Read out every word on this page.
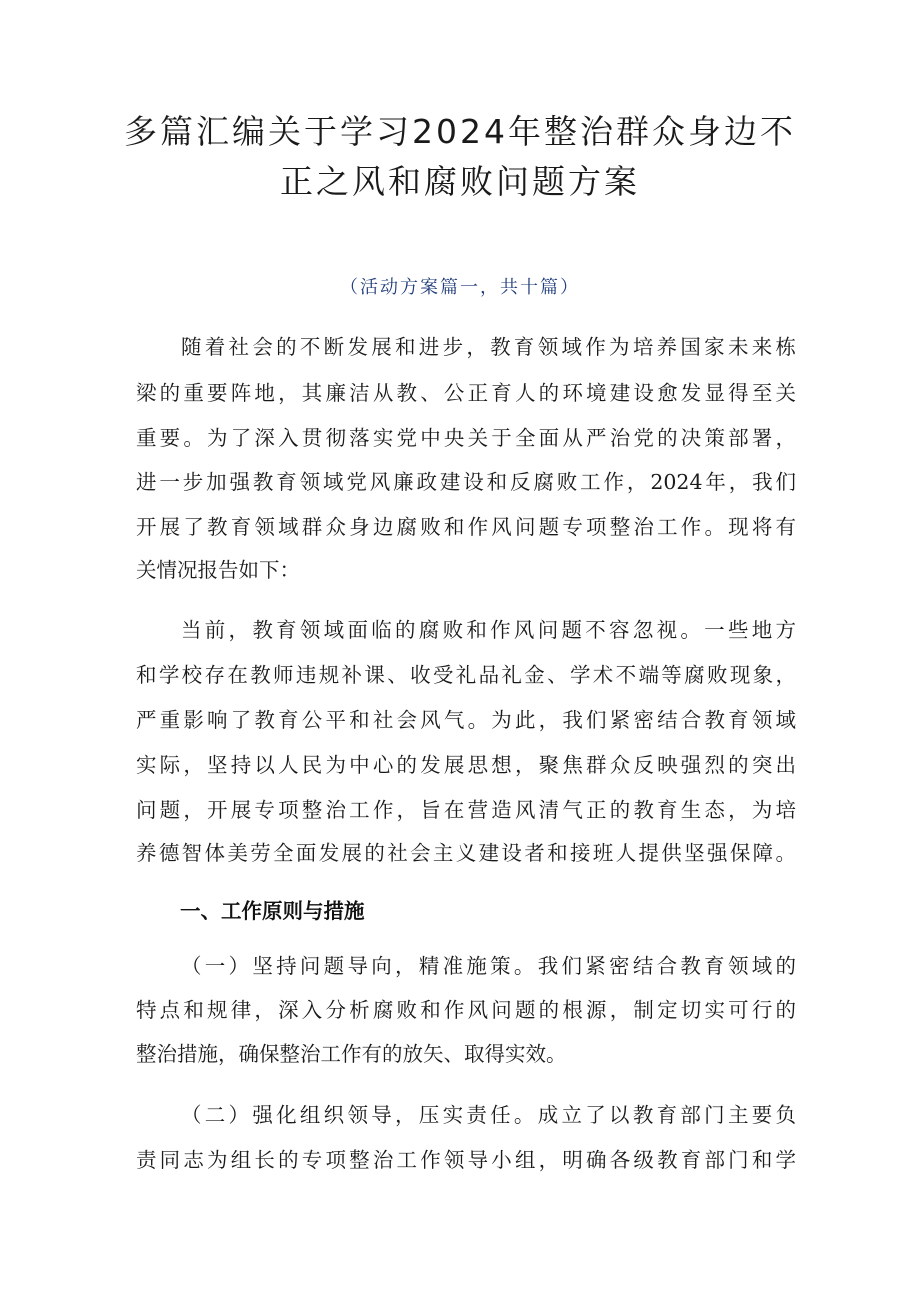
多篇汇编关于学习2024年整治群众身边不
正之风和腐败问题方案
（活动方案篇一，共十篇）
随着社会的不断发展和进步，教育领域作为培养国家未来栋
梁的重要阵地，其廉洁从教、公正育人的环境建设愈发显得至关
重要。为了深入贯彻落实党中央关于全面从严治党的决策部署，
进一步加强教育领域党风廉政建设和反腐败工作，2024年，我们
开展了教育领域群众身边腐败和作风问题专项整治工作。现将有
关情况报告如下：
当前，教育领域面临的腐败和作风问题不容忽视。一些地方
和学校存在教师违规补课、收受礼品礼金、学术不端等腐败现象，
严重影响了教育公平和社会风气。为此，我们紧密结合教育领域
实际，坚持以人民为中心的发展思想，聚焦群众反映强烈的突出
问题，开展专项整治工作，旨在营造风清气正的教育生态，为培
养德智体美劳全面发展的社会主义建设者和接班人提供坚强保障。
一、工作原则与措施
（一）坚持问题导向，精准施策。我们紧密结合教育领域的
特点和规律，深入分析腐败和作风问题的根源，制定切实可行的
整治措施，确保整治工作有的放矢、取得实效。
（二）强化组织领导，压实责任。成立了以教育部门主要负
责同志为组长的专项整治工作领导小组，明确各级教育部门和学
